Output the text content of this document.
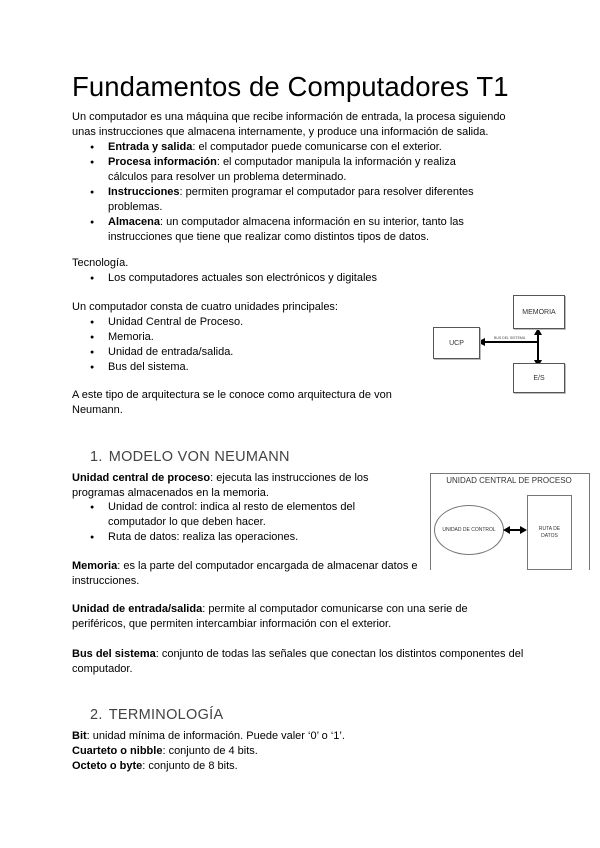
Fundamentos de Computadores T1

Un computador es una máquina que recibe información de entrada, la procesa siguiendo
unas instrucciones que almacena internamente, y produce una información de salida.

● Entrada y salida: el computador puede comunicarse con el exterior.
● Procesa información: el computador manipula la información y realiza cálculos para resolver un problema determinado.
● Instrucciones: permiten programar el computador para resolver diferentes problemas.
● Almacena: un computador almacena información en su interior, tanto las instrucciones que tiene que realizar como distintos tipos de datos.

Tecnología.

● Los computadores actuales son electrónicos y digitales

Un computador consta de cuatro unidades principales:

● Unidad Central de Proceso.
● Memoria.
● Unidad de entrada/salida.
● Bus del sistema.

A este tipo de arquitectura se le conoce como arquitectura de von Neumann.

MEMORIA
UCP
E/S
BUS DEL SISTEMA
1. MODELO VON NEUMANN

Unidad central de proceso: ejecuta las instrucciones de los programas almacenados en la memoria.

● Unidad de control: indica al resto de elementos del computador lo que deben hacer.
● Ruta de datos: realiza las operaciones.

Memoria: es la parte del computador encargada de almacenar datos e instrucciones.

Unidad de entrada/salida: permite al computador comunicarse con una serie de periféricos, que permiten intercambiar información con el exterior.

Bus del sistema: conjunto de todas las señales que conectan los distintos componentes del computador.

UNIDAD CENTRAL DE PROCESO
UNIDAD DE CONTROL	RUTA DE DATOS
2. TERMINOLOGÍA

Bit: unidad mínima de información. Puede valer ‘0’ o ‘1’.

Cuarteto o nibble: conjunto de 4 bits.

Octeto o byte: conjunto de 8 bits.
